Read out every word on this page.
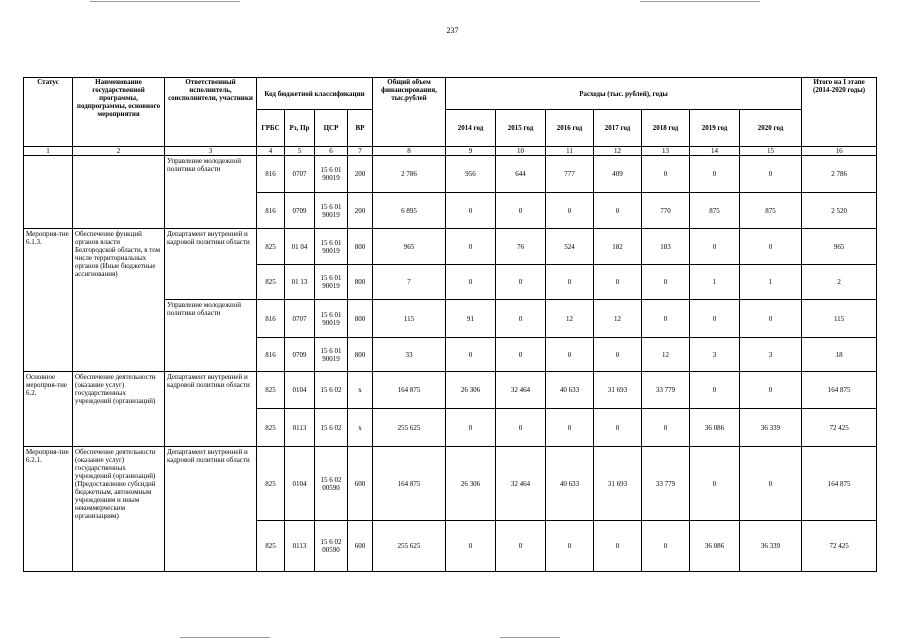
237
Статус	Наименование государственной программы, подпрограммы, основного мероприятия	Ответственный исполнитель, соисполнители, участники	Код бюджетной классификации				Общий объем финансирования, тыс.рублей	Расходы (тыс. рублей), годы							Итого на I этапе (2014-2020 годы)
			ГРБС	Рз, Пр	ЦСР	ВР		2014 год	2015 год	2016 год	2017 год	2018 год	2019 год	2020 год	
1	2	3	4	5	6	7	8	9	10	11	12	13	14	15	16
		Управление молодежной политики области	816	0707	15 6 01 90019	200	2 786	956	644	777	409	0	0	0	2 786
			816	0709	15 6 01 90019	200	6 895	0	0	0	0	770	875	875	2 520
Мероприя-тие 6.1.3.	Обеспечение функций органов власти Белгородской области, в том числе территориальных органов (Иные бюджетные ассигнования)	Департамент внутренней и кадровой политики области	825	01 04	15 6 01 90019	800	965	0	76	524	182	183	0	0	965
			825	01 13	15 6 01 90019	800	7	0	0	0	0	0	1	1	2
		Управление молодежной политики области	816	0707	15 6 01 90019	800	115	91	0	12	12	0	0	0	115
			816	0709	15 6 01 90019	800	33	0	0	0	0	12	3	3	18
Основное мероприя-тие 6.2.	Обеспечение деятельности (оказание услуг) государственных учреждений (организаций)	Департамент внутренней и кадровой политики области	825	0104	15 6 02	х	164 875	26 306	32 464	40 633	31 693	33 779	0	0	164 875
			825	0113	15 6 02	х	255 625	0	0	0	0	0	36 086	36 339	72 425
Мероприя-тие 6.2.1.	Обеспечение деятельности (оказание услуг) государственных учреждений (организаций) (Предоставление субсидий бюджетным, автономным учреждениям и иным некоммерческим организациям)	Департамент внутренней и кадровой политики области	825	0104	15 6 02 00590	600	164 875	26 306	32 464	40 633	31 693	33 779	0	0	164 875
			825	0113	15 6 02 00590	600	255 625	0	0	0	0	0	36 086	36 339	72 425
